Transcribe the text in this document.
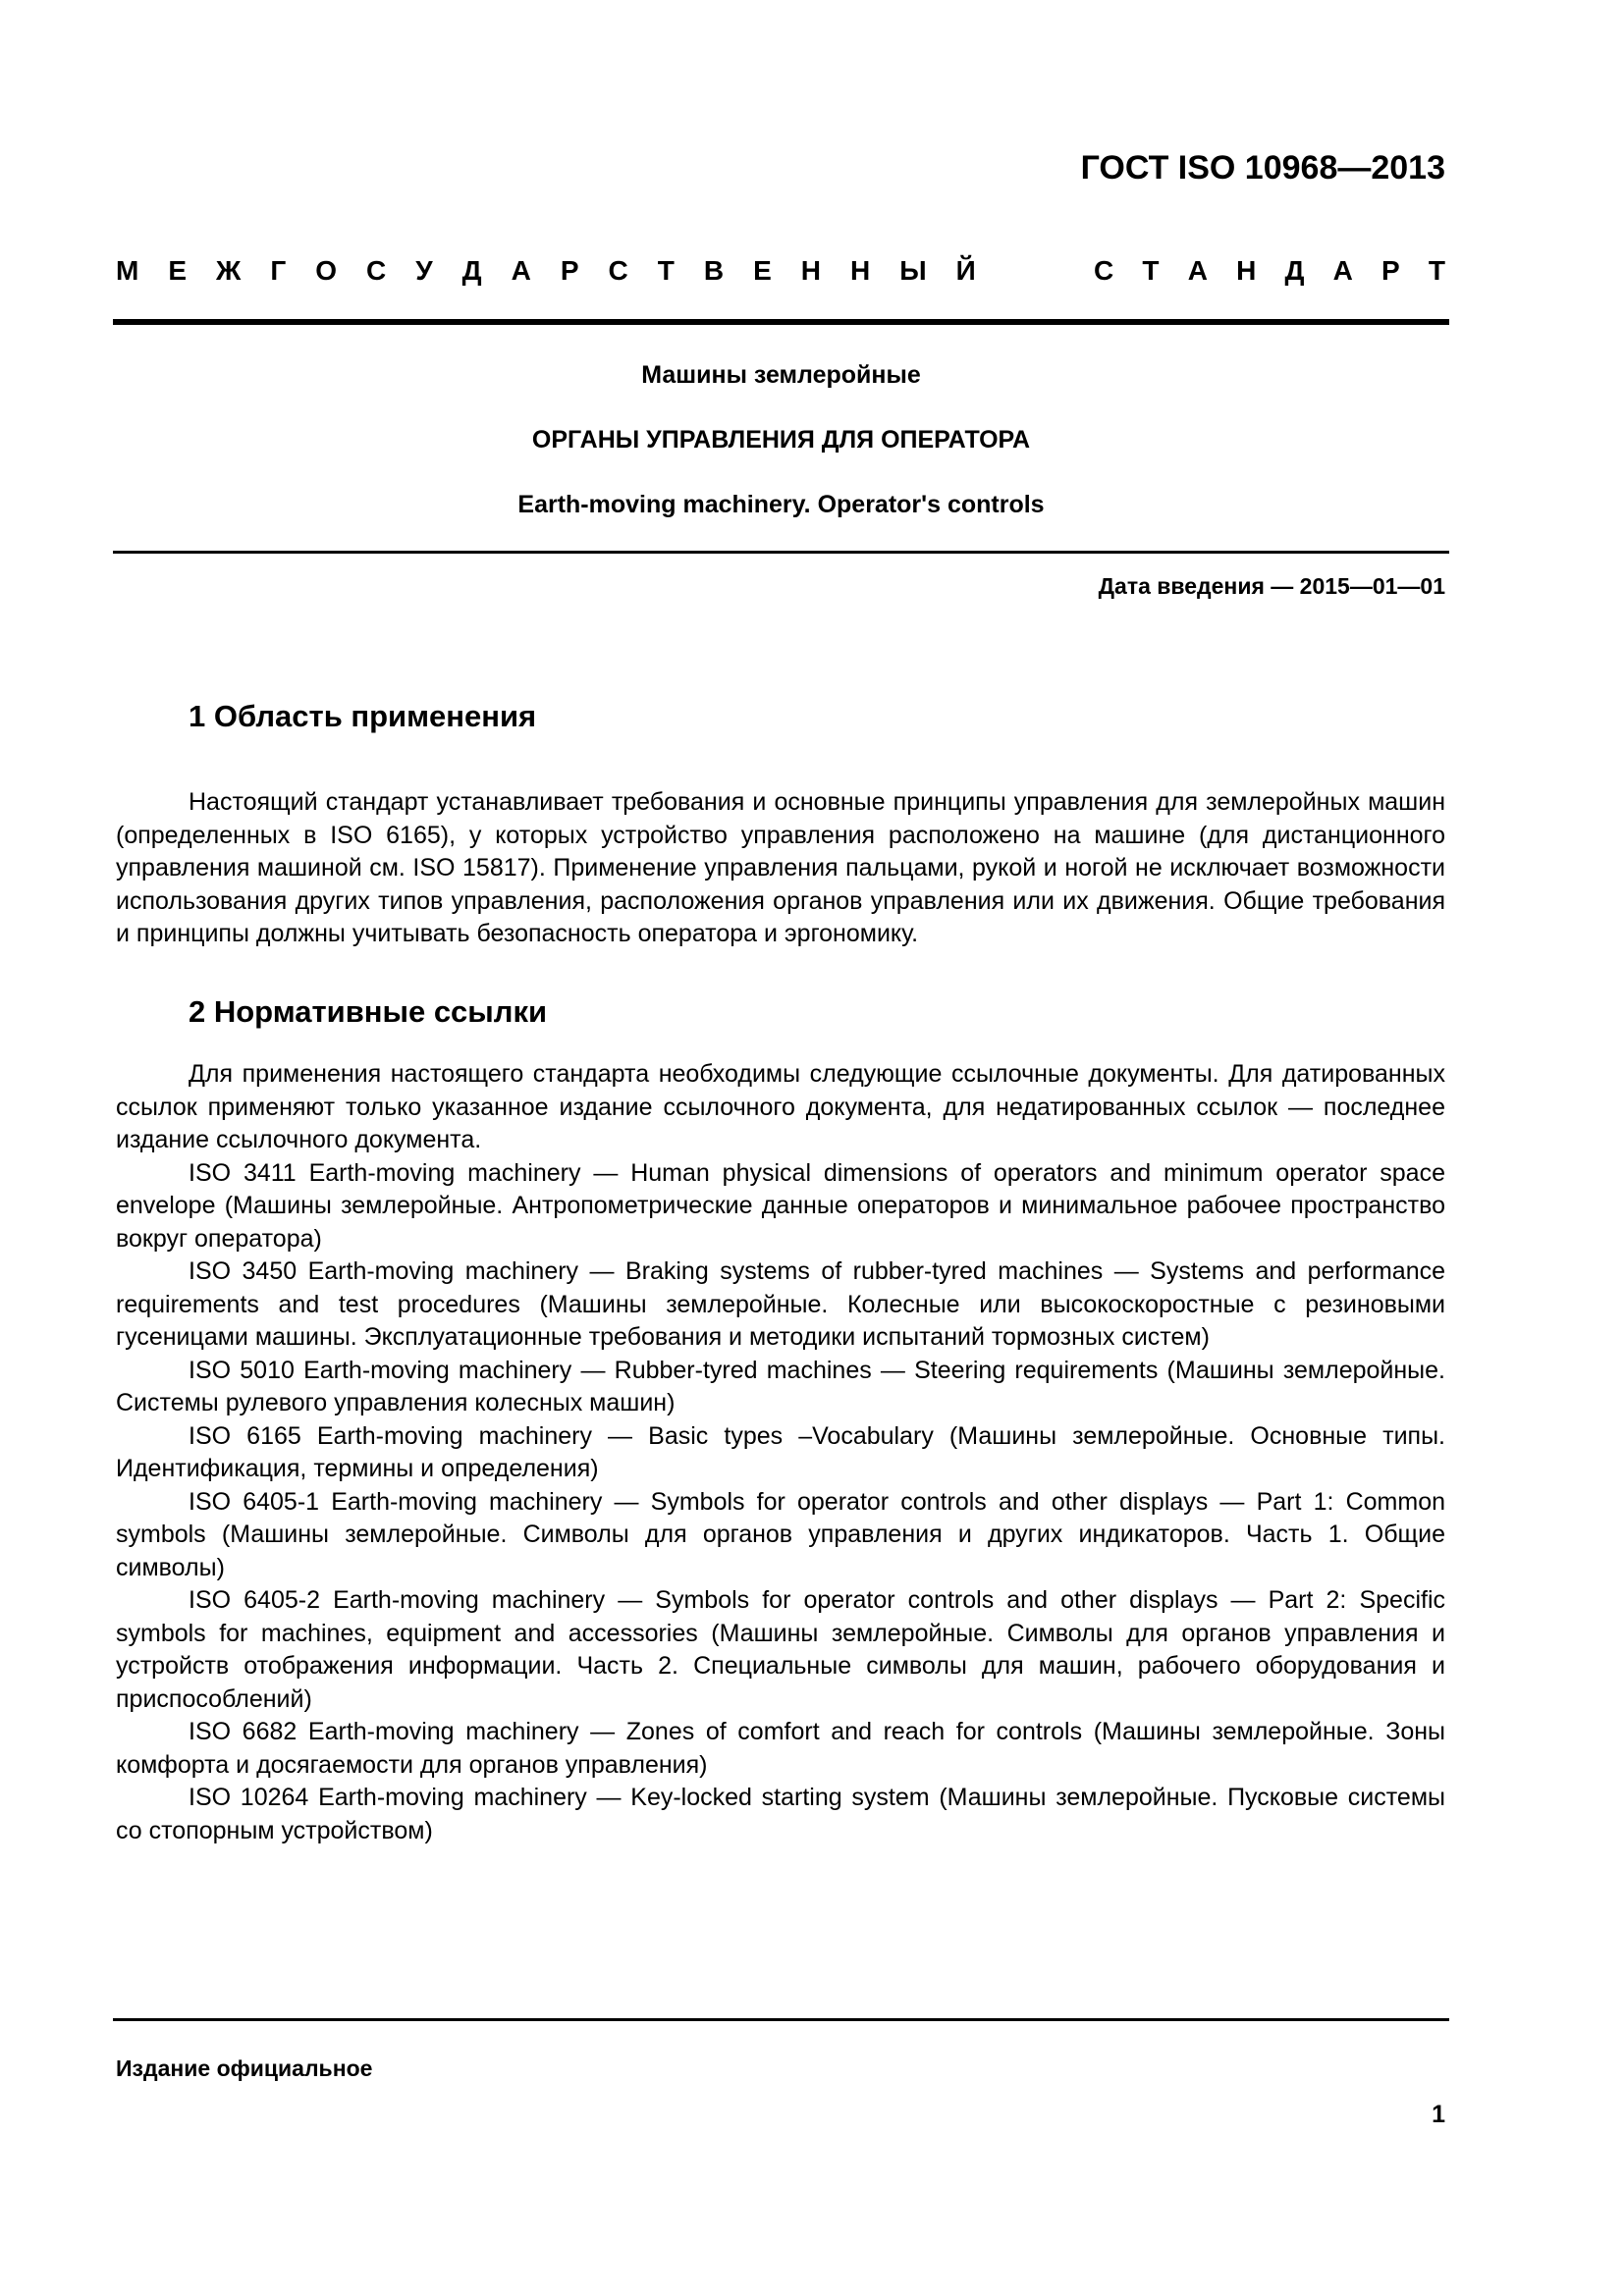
ГОСТ ISO 10968—2013
М Е Ж Г О С У Д А Р С Т В Е Н Н Ы Й	С Т А Н Д А Р Т
Машины землеройные
ОРГАНЫ УПРАВЛЕНИЯ ДЛЯ ОПЕРАТОРА
Earth-moving machinery. Operator's controls
Дата введения — 2015—01—01
1 Область применения

Настоящий стандарт устанавливает требования и основные принципы управления для землеройных машин (определенных в ISO 6165), у которых устройство управления расположено на машине (для дистанционного управления машиной см. ISO 15817). Применение управления пальцами, рукой и ногой не исключает возможности использования других типов управления, расположения органов управления или их движения. Общие требования и принципы должны учитывать безопасность оператора и эргономику.

2 Нормативные ссылки

Для применения настоящего стандарта необходимы следующие ссылочные документы. Для датированных ссылок применяют только указанное издание ссылочного документа, для недатированных ссылок — последнее издание ссылочного документа.

ISO 3411 Earth-moving machinery — Human physical dimensions of operators and minimum operator space envelope (Машины землеройные. Антропометрические данные операторов и минимальное рабочее пространство вокруг оператора)

ISO 3450 Earth-moving machinery — Braking systems of rubber-tyred machines — Systems and performance requirements and test procedures (Машины землеройные. Колесные или высокоскоростные с резиновыми гусеницами машины. Эксплуатационные требования и методики испытаний тормозных систем)

ISO 5010 Earth-moving machinery — Rubber-tyred machines — Steering requirements (Машины землеройные. Системы рулевого управления колесных машин)

ISO 6165 Earth-moving machinery — Basic types –Vocabulary (Машины землеройные. Основные типы. Идентификация, термины и определения)

ISO 6405-1 Earth-moving machinery — Symbols for operator controls and other displays — Part 1: Common symbols (Машины землеройные. Символы для органов управления и других индикаторов. Часть 1. Общие символы)

ISO 6405-2 Earth-moving machinery — Symbols for operator controls and other displays — Part 2: Specific symbols for machines, equipment and accessories (Машины землеройные. Символы для органов управления и устройств отображения информации. Часть 2. Специальные символы для машин, рабочего оборудования и приспособлений)

ISO 6682 Earth-moving machinery — Zones of comfort and reach for controls (Машины землеройные. Зоны комфорта и досягаемости для органов управления)

ISO 10264 Earth-moving machinery — Key-locked starting system (Машины землеройные. Пусковые системы со стопорным устройством)

Издание официальное
1
